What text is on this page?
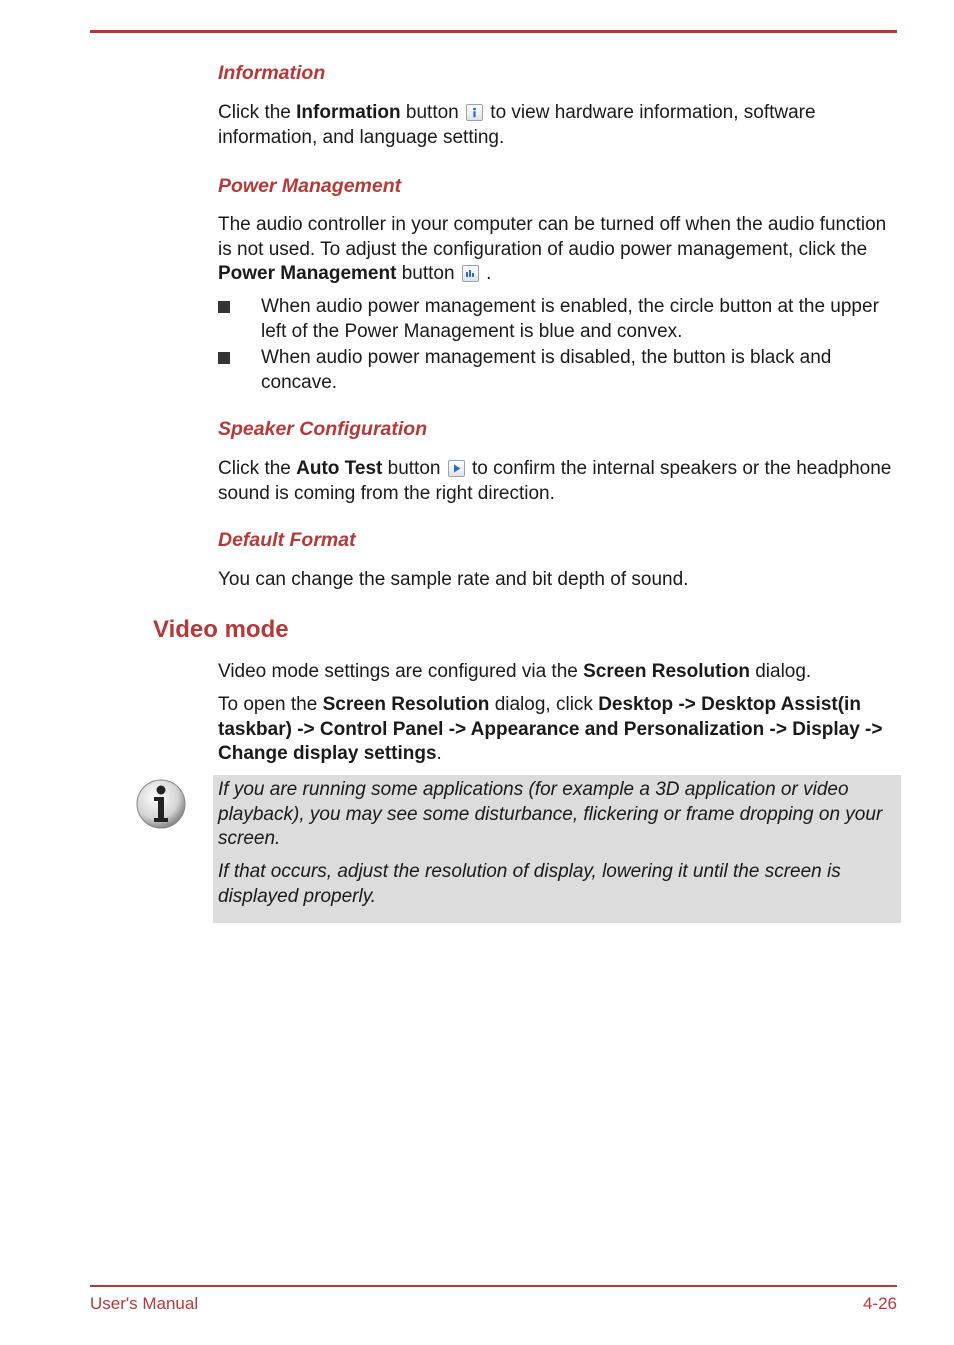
Information

Click the Information button
to view hardware information, software information, and language setting.

Power Management

The audio controller in your computer can be turned off when the audio function is not used. To adjust the configuration of audio power management, click the Power Management button
.

When audio power management is enabled, the circle button at the upper left of the Power Management is blue and convex.
When audio power management is disabled, the button is black and concave.
Speaker Configuration

Click the Auto Test button
to confirm the internal speakers or the headphone sound is coming from the right direction.

Default Format

You can change the sample rate and bit depth of sound.

Video mode

Video mode settings are configured via the Screen Resolution dialog.

To open the Screen Resolution dialog, click Desktop -> Desktop Assist(in taskbar) -> Control Panel -> Appearance and Personalization -> Display -> Change display settings.

If you are running some applications (for example a 3D application or video playback), you may see some disturbance, flickering or frame dropping on your screen.
If that occurs, adjust the resolution of display, lowering it until the screen is displayed properly.
User's Manual	4-26
